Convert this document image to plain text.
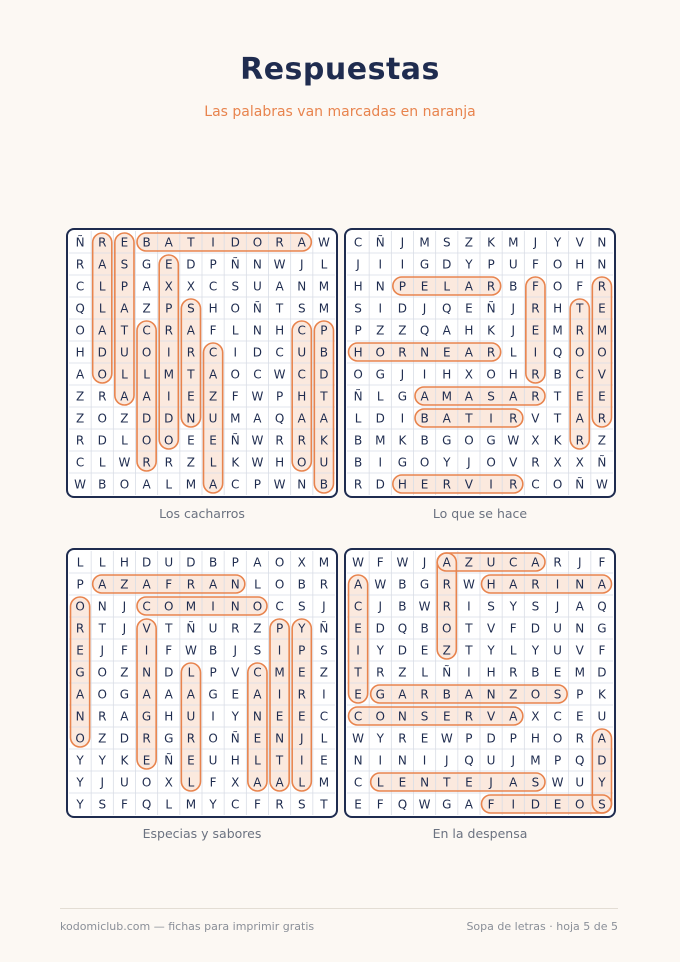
Respuestas

Las palabras van marcadas en naranja

Ñ R E B A T I D O R A W
R A S G E D P Ñ N W J L
C L P A X X C S U A N M
Q L A Z P S H O Ñ T S M
O A T C R A F L N H C P
H D U O I R C I D C U B
A O L L M T A O C W C D
Z R A A I E Z F W P H T
Z O Z D D N U M A Q A A
R D L O O E E Ñ W R R K
C L W R R Z L K W H O U
W B O A L M A C P W N B
Los cacharros
C Ñ J M S Z K M J Y V N
J I I G D Y P U F O H N
H N P E L A R B F O F R
S I D J Q E Ñ J R H T E
P Z Z Q A H K J E M R M
H O R N E A R L I Q O O
O G J I H X O H R B C V
Ñ L G A M A S A R T E E
L D I B A T I R V T A R
B M K B G O G W X K R Z
B I G O Y J O V R X X Ñ
R D H E R V I R C O Ñ W
Lo que se hace
L L H D U D B P A O X M
P A Z A F R A N L O B R
O N J C O M I N O C S J
R T J V T Ñ U R Z P Y Ñ
E J F I F W B J S I P S
G O Z N D L P V C M E Z
A O G A A A G E A I R I
N R A G H U I Y N E E C
O Z D R G R O Ñ E N J L
Y Y K E Ñ E U H L T I E
Y J U O X L F X A A L M
Y S F Q L M Y C F R S T
Especias y sabores
W F W J A Z U C A R J F
A W B G R W H A R I N A
C J B W R I S Y S J A Q
E D Q B O T V F D U N G
I Y D E Z T Y L Y U V F
T R Z L Ñ I H R B E M D
E G A R B A N Z O S P K
C O N S E R V A X C E U
W Y R E W P D P H O R A
N I N I J Q U J M P Q D
C L E N T E J A S W U Y
E F Q W G A F I D E O S
En la despensa
kodomiclub.com — fichas para imprimir gratis	Sopa de letras · hoja 5 de 5
